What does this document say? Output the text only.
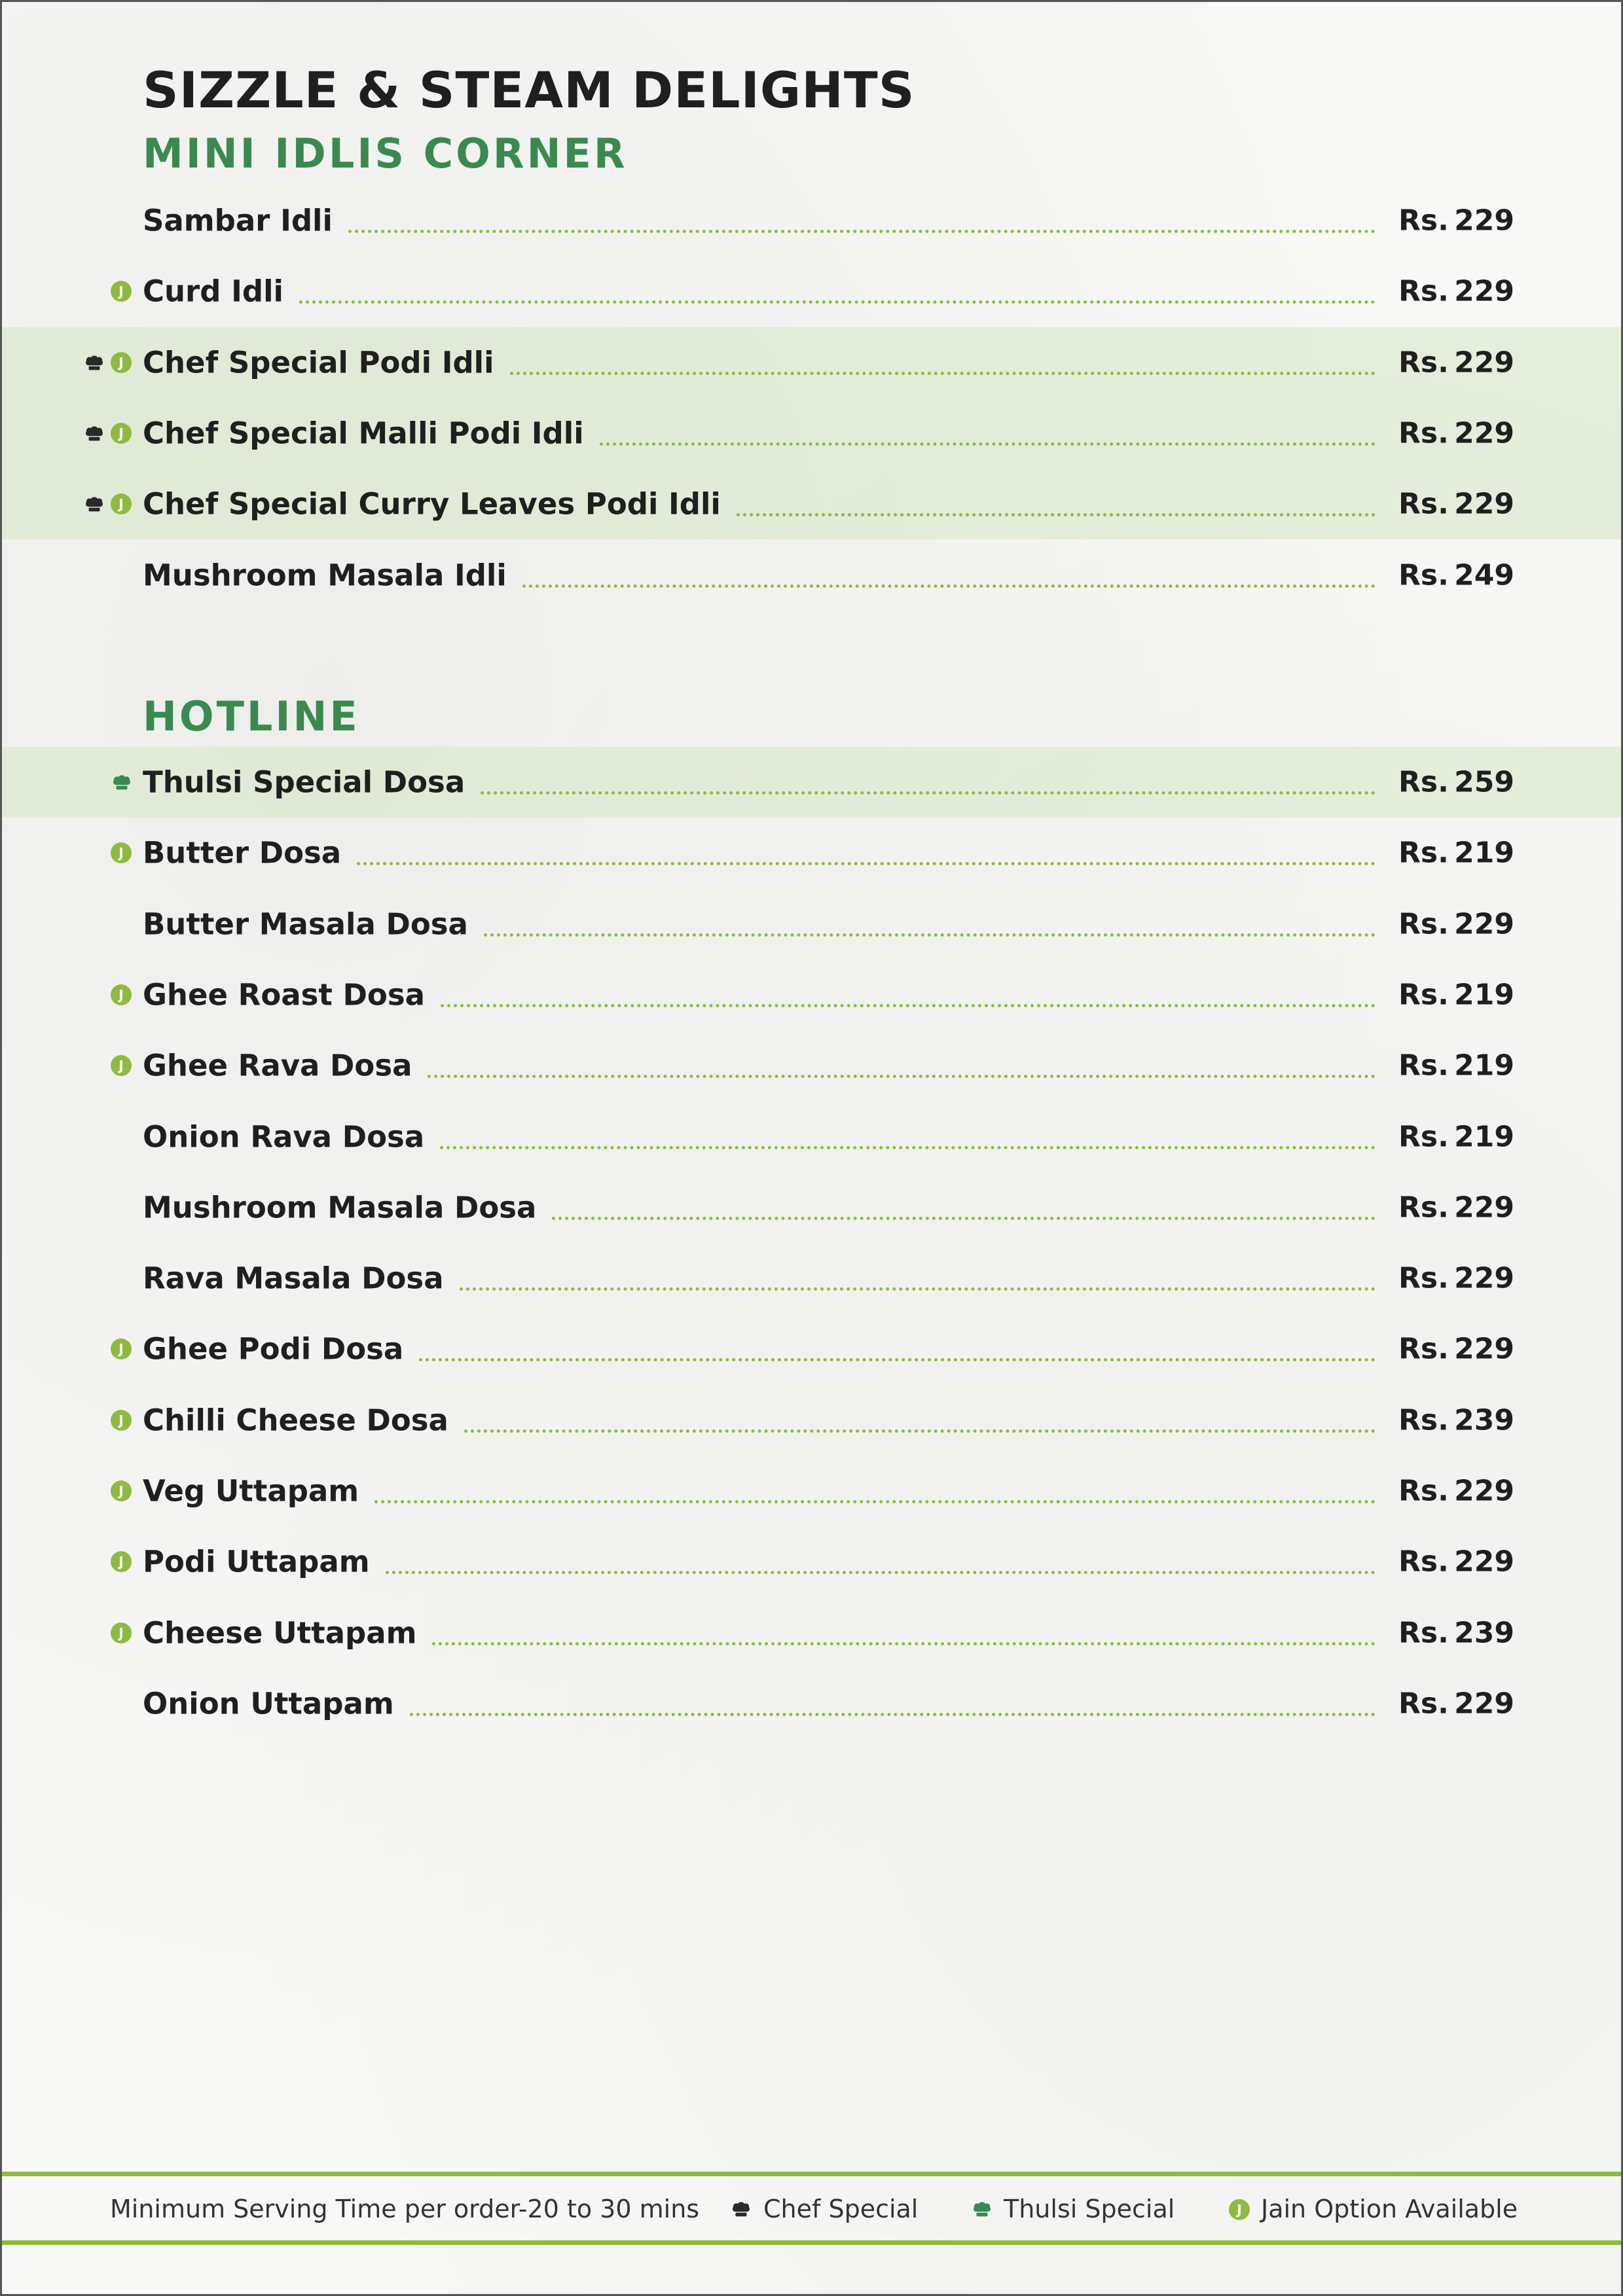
SIZZLE & STEAM DELIGHTS
MINI IDLIS CORNER
Sambar Idli	Rs. 229
J Curd Idli	Rs. 229
J Chef Special Podi Idli	Rs. 229
J Chef Special Malli Podi Idli	Rs. 229
J Chef Special Curry Leaves Podi Idli	Rs. 229
Mushroom Masala Idli	Rs. 249
HOTLINE
Thulsi Special Dosa	Rs. 259
J Butter Dosa	Rs. 219
Butter Masala Dosa	Rs. 229
J Ghee Roast Dosa	Rs. 219
J Ghee Rava Dosa	Rs. 219
Onion Rava Dosa	Rs. 219
Mushroom Masala Dosa	Rs. 229
Rava Masala Dosa	Rs. 229
J Ghee Podi Dosa	Rs. 229
J Chilli Cheese Dosa	Rs. 239
J Veg Uttapam	Rs. 229
J Podi Uttapam	Rs. 229
J Cheese Uttapam	Rs. 239
Onion Uttapam	Rs. 229
Minimum Serving Time per order-20 to 30 mins	Chef Special	Thulsi Special	J Jain Option Available
